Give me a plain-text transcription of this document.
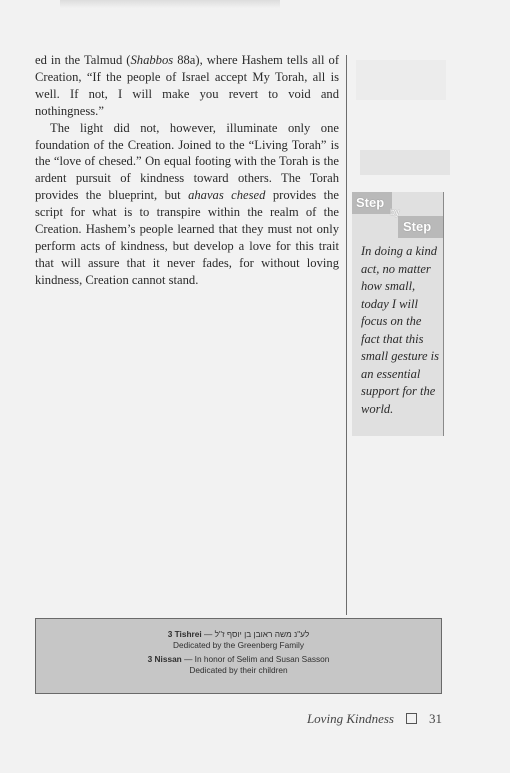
ed in the Talmud (Shabbos 88a), where Hashem tells all of Creation, “If the people of Israel accept My Torah, all is well. If not, I will make you revert to void and nothingness.”

The light did not, however, illuminate only one foundation of the Creation. Joined to the “Living Torah” is the “love of chesed.” On equal footing with the Torah is the ardent pursuit of kindness toward others. The Torah provides the blueprint, but ahavas chesed provides the script for what is to transpire within the realm of the Creation. Hashem’s people learned that they must not only perform acts of kindness, but develop a love for this trait that will assure that it never fades, for without loving kindness, Creation cannot stand.

Step
by
Step

In doing a kind act, no matter how small, today I will focus on the fact that this small gesture is an essential support for the world.

3 Tishrei — לע"נ משה ראובן בן יוסף ז"ל
Dedicated by the Greenberg Family
3 Nissan — In honor of Selim and Susan Sasson
Dedicated by their children
Loving Kindness	31
